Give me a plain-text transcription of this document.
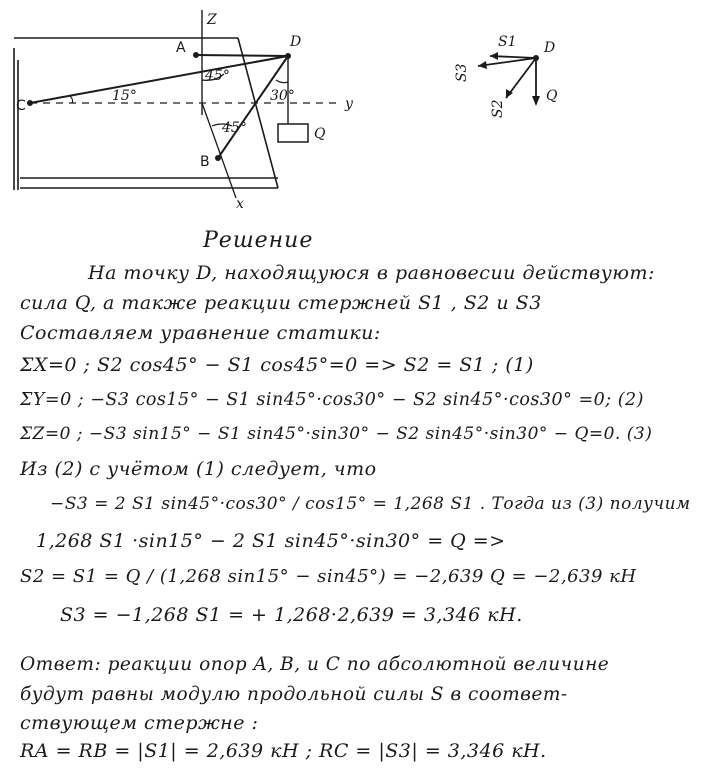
Z
y
x
A
B
C
D
15°
45°
45°
30°
Q
D
S1
S3
S2
Q
Решение
На точку D, находящуюся в равновесии действуют:
сила Q, а также реакции стержней S1 , S2 и S3
Составляем уравнение статики:
ΣX=0 ; S2 cos45° − S1 cos45°=0 => S2 = S1 ; (1)
ΣY=0 ; −S3 cos15° − S1 sin45°·cos30° − S2 sin45°·cos30° =0; (2)
ΣZ=0 ; −S3 sin15° − S1 sin45°·sin30° − S2 sin45°·sin30° − Q=0. (3)
Из (2) с учётом (1) следует, что
−S3 = 2 S1 sin45°·cos30° / cos15° = 1,268 S1 . Тогда из (3) получим
1,268 S1 ·sin15° − 2 S1 sin45°·sin30° = Q =>
S2 = S1 = Q / (1,268 sin15° − sin45°) = −2,639 Q = −2,639 кН
S3 = −1,268 S1 = + 1,268·2,639 = 3,346 кН.
Ответ: реакции опор A, B, и C по абсолютной величине
будут равны модулю продольной силы S в соответ-
ствующем стержне :
RA = RB = |S1| = 2,639 кН ; RC = |S3| = 3,346 кН.
